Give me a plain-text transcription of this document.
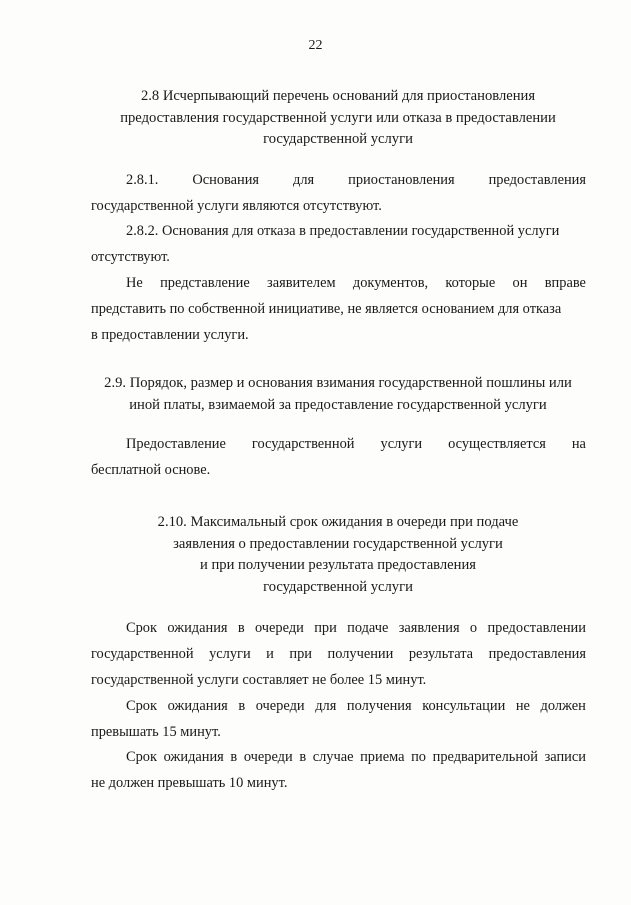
22
2.8 Исчерпывающий перечень оснований для приостановления
предоставления государственной услуги или отказа в предоставлении
государственной услуги
2.8.1. Основания для приостановления предоставления
государственной услуги являются отсутствуют.
2.8.2. Основания для отказа в предоставлении государственной услуги
отсутствуют.
Не представление заявителем документов, которые он вправе
представить по собственной инициативе, не является основанием для отказа
в предоставлении услуги.
2.9. Порядок, размер и основания взимания государственной пошлины или
иной платы, взимаемой за предоставление государственной услуги
Предоставление государственной услуги осуществляется на
бесплатной основе.
2.10. Максимальный срок ожидания в очереди при подаче
заявления о предоставлении государственной услуги
и при получении результата предоставления
государственной услуги
Срок ожидания в очереди при подаче заявления о предоставлении
государственной услуги и при получении результата предоставления
государственной услуги составляет не более 15 минут.
Срок ожидания в очереди для получения консультации не должен
превышать 15 минут.
Срок ожидания в очереди в случае приема по предварительной записи
не должен превышать 10 минут.
